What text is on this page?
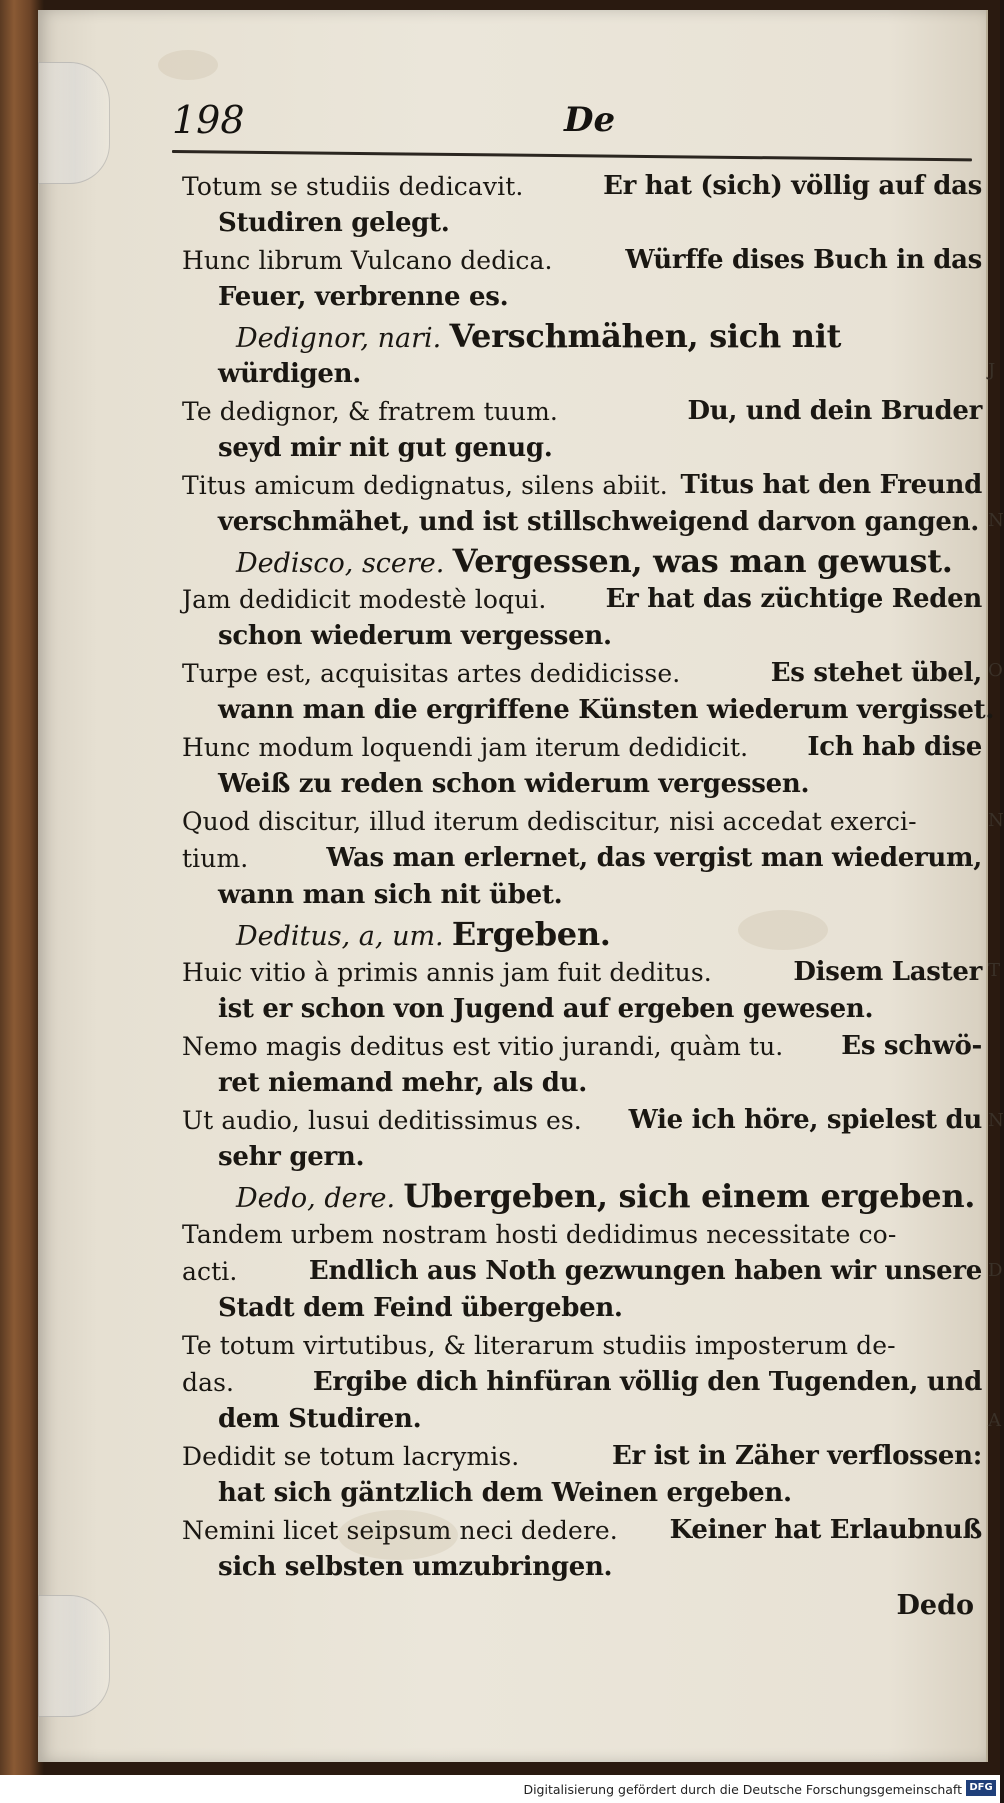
198	De
Totum se studiis dedicavit.	Er hat (sich) völlig auf das
Studiren gelegt.
Hunc librum Vulcano dedica.	Würffe dises Buch in das
Feuer, verbrenne es.
Dedignor, nari. Verschmähen, sich nit
würdigen.
Te dedignor, & fratrem tuum.	Du, und dein Bruder
seyd mir nit gut genug.
Titus amicum dedignatus, silens abiit. Titus hat den Freund
verschmähet, und ist stillschweigend darvon gangen.
Dedisco, scere. Vergessen, was man gewust.
Jam dedidicit modestè loqui. Er hat das züchtige Reden
schon wiederum vergessen.
Turpe est, acquisitas artes dedidicisse.	Es stehet übel,
wann man die ergriffene Künsten wiederum vergisset.
Hunc modum loquendi jam iterum dedidicit. Ich hab dise
Weiß zu reden schon widerum vergessen.
Quod discitur, illud iterum dediscitur, nisi accedat exerci-
tium.	Was man erlernet, das vergist man wiederum,
wann man sich nit übet.
Deditus, a, um. Ergeben.
Huic vitio à primis annis jam fuit deditus.	Disem Laster
ist er schon von Jugend auf ergeben gewesen.
Nemo magis deditus est vitio jurandi, quàm tu. Es schwö-
ret niemand mehr, als du.
Ut audio, lusui deditissimus es. Wie ich höre, spielest du
sehr gern.
Dedo, dere. Ubergeben, sich einem ergeben.
Tandem urbem nostram hosti dedidimus necessitate co-
acti.	Endlich aus Noth gezwungen haben wir unsere
Stadt dem Feind übergeben.
Te totum virtutibus, & literarum studiis imposterum de-
das.	Ergibe dich hinfüran völlig den Tugenden, und
dem Studiren.
Dedidit se totum lacrymis.	Er ist in Zäher verflossen:
hat sich gäntzlich dem Weinen ergeben.
Nemini licet seipsum neci dedere. Keiner hat Erlaubnuß
sich selbsten umzubringen.
Dedo
J
N
O
N
T
N
D
A
Digitalisierung gefördert durch die Deutsche Forschungsgemeinschaft DFG
